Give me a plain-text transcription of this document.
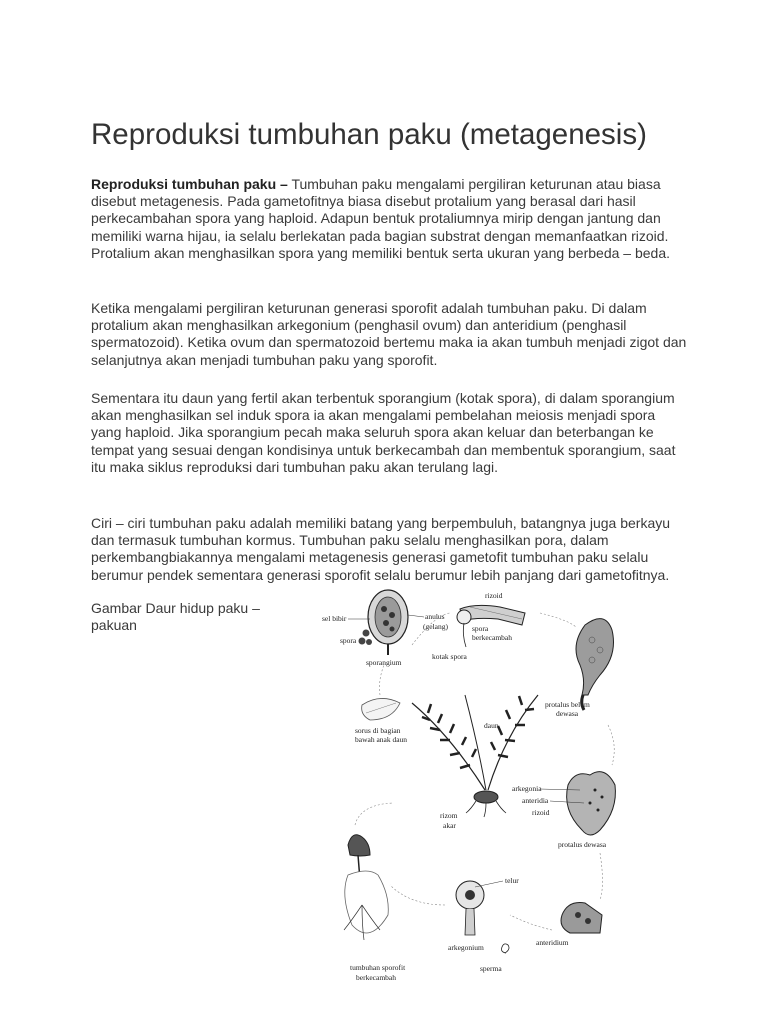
Reproduksi tumbuhan paku (metagenesis)

Reproduksi tumbuhan paku – Tumbuhan paku mengalami pergiliran keturunan atau biasa disebut metagenesis. Pada gametofitnya biasa disebut protalium yang berasal dari hasil perkecambahan spora yang haploid. Adapun bentuk protaliumnya mirip dengan jantung dan memiliki warna hijau, ia selalu berlekatan pada bagian substrat dengan memanfaatkan rizoid. Protalium akan menghasilkan spora yang memiliki bentuk serta ukuran yang berbeda – beda.

Ketika mengalami pergiliran keturunan generasi sporofit adalah tumbuhan paku. Di dalam protalium akan menghasilkan arkegonium (penghasil ovum) dan anteridium (penghasil spermatozoid). Ketika ovum dan spermatozoid bertemu maka ia akan tumbuh menjadi zigot dan selanjutnya akan menjadi tumbuhan paku yang sporofit.

Sementara itu daun yang fertil akan terbentuk sporangium (kotak spora), di dalam sporangium akan menghasilkan sel induk spora ia akan mengalami pembelahan meiosis menjadi spora yang haploid. Jika sporangium pecah maka seluruh spora akan keluar dan beterbangan ke tempat yang sesuai dengan kondisinya untuk berkecambah dan membentuk sporangium, saat itu maka siklus reproduksi dari tumbuhan paku akan terulang lagi.

Ciri – ciri tumbuhan paku adalah memiliki batang yang berpembuluh, batangnya juga berkayu dan termasuk tumbuhan kormus. Tumbuhan paku selalu menghasilkan pora, dalam perkembangbiakannya mengalami metagenesis generasi gametofit tumbuhan paku selalu berumur pendek sementara generasi sporofit selalu berumur lebih panjang dari gametofitnya.

Gambar Daur hidup paku – pakuan	sel bibir
spora
anulus
(gelang)
sporangium
rizoid
spora
berkecambah
kotak spora
protalus belum
dewasa
sorus di bagian
bawah anak daun
daun
rizom
akar
arkegonia
anteridia
rizoid
protalus dewasa
tumbuhan sporofit
berkecambah
telur
arkegonium
sperma
anteridium
